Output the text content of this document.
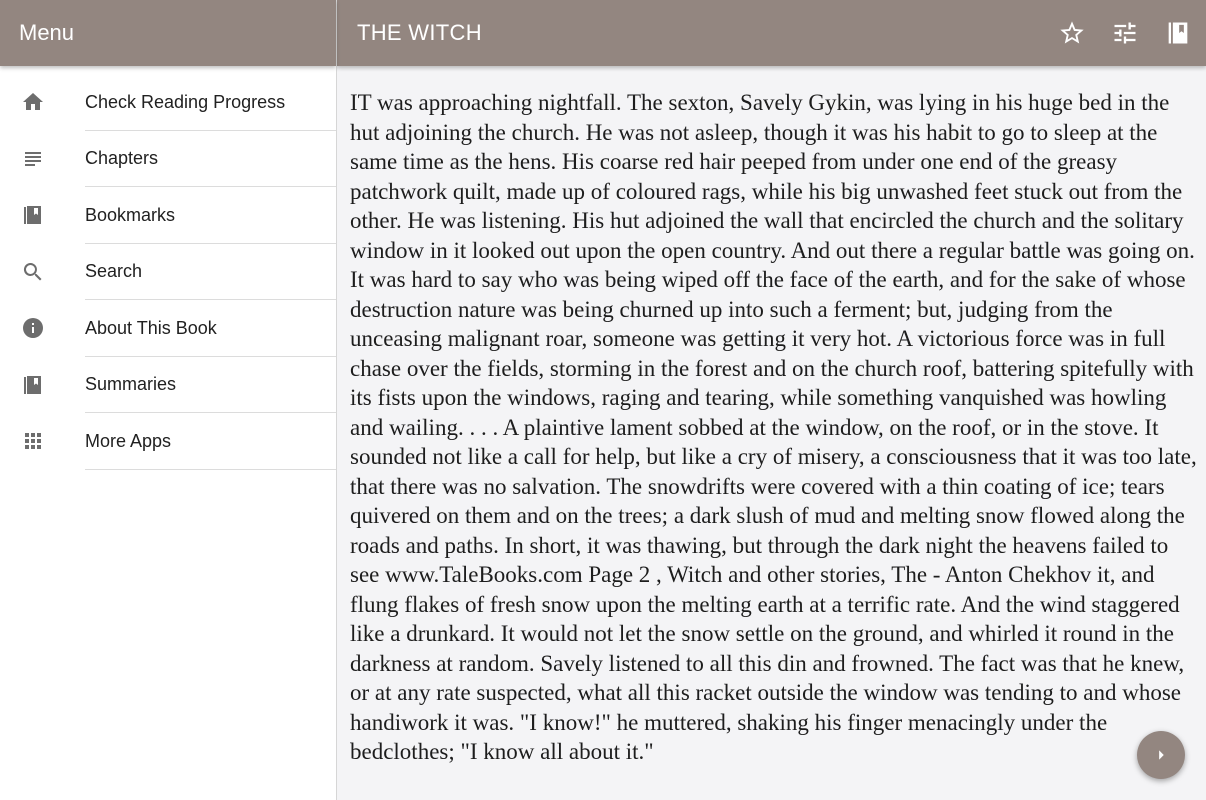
Menu
Check Reading Progress
Chapters
Bookmarks
Search
About This Book
Summaries
More Apps
THE WITCH

IT was approaching nightfall. The sexton, Savely Gykin, was lying in his huge bed in the hut adjoining the church. He was not asleep, though it was his habit to go to sleep at the same time as the hens. His coarse red hair peeped from under one end of the greasy patchwork quilt, made up of coloured rags, while his big unwashed feet stuck out from the other. He was listening. His hut adjoined the wall that encircled the church and the solitary window in it looked out upon the open country. And out there a regular battle was going on. It was hard to say who was being wiped off the face of the earth, and for the sake of whose destruction nature was being churned up into such a ferment; but, judging from the unceasing malignant roar, someone was getting it very hot. A victorious force was in full chase over the fields, storming in the forest and on the church roof, battering spitefully with its fists upon the windows, raging and tearing, while something vanquished was howling and wailing. . . . A plaintive lament sobbed at the window, on the roof, or in the stove. It sounded not like a call for help, but like a cry of misery, a consciousness that it was too late, that there was no salvation. The snowdrifts were covered with a thin coating of ice; tears quivered on them and on the trees; a dark slush of mud and melting snow flowed along the roads and paths. In short, it was thawing, but through the dark night the heavens failed to see www.TaleBooks.com Page 2 , Witch and other stories, The - Anton Chekhov it, and flung flakes of fresh snow upon the melting earth at a terrific rate. And the wind staggered like a drunkard. It would not let the snow settle on the ground, and whirled it round in the darkness at random. Savely listened to all this din and frowned. The fact was that he knew, or at any rate suspected, what all this racket outside the window was tending to and whose handiwork it was. "I know!" he muttered, shaking his finger menacingly under the bedclothes; "I know all about it."
